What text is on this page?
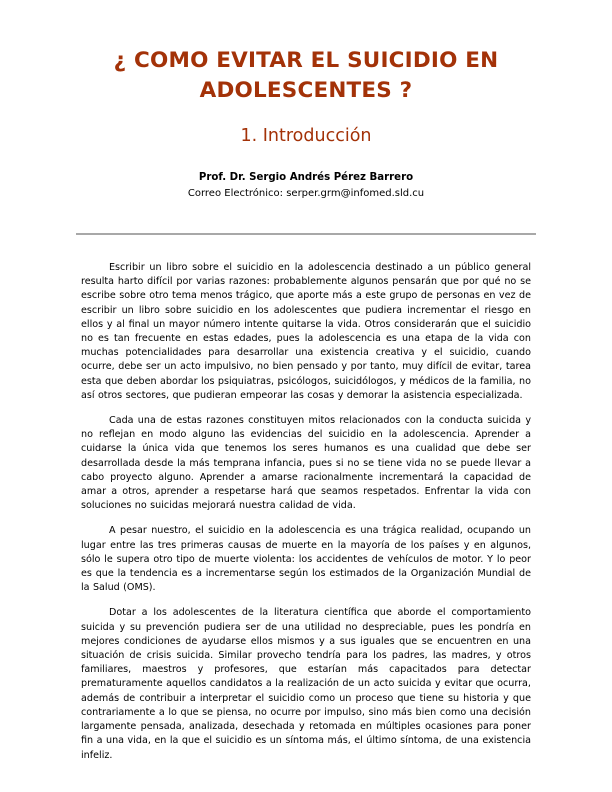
¿ COMO EVITAR EL SUICIDIO EN ADOLESCENTES ?
1. Introducción
Prof. Dr. Sergio Andrés Pérez Barrero
Correo Electrónico: serper.grm@infomed.sld.cu

Escribir un libro sobre el suicidio en la adolescencia destinado a un público general resulta harto difícil por varias razones: probablemente algunos pensarán que por qué no se escribe sobre otro tema menos trágico, que aporte más a este grupo de personas en vez de escribir un libro sobre suicidio en los adolescentes que pudiera incrementar el riesgo en ellos y al final un mayor número intente quitarse la vida. Otros considerarán que el suicidio no es tan frecuente en estas edades, pues la adolescencia es una etapa de la vida con muchas potencialidades para desarrollar una existencia creativa y el suicidio, cuando ocurre, debe ser un acto impulsivo, no bien pensado y por tanto, muy difícil de evitar, tarea esta que deben abordar los psiquiatras, psicólogos, suicidólogos, y médicos de la familia, no así otros sectores, que pudieran empeorar las cosas y demorar la asistencia especializada.

Cada una de estas razones constituyen mitos relacionados con la conducta suicida y no reflejan en modo alguno las evidencias del suicidio en la adolescencia. Aprender a cuidarse la única vida que tenemos los seres humanos es una cualidad que debe ser desarrollada desde la más temprana infancia, pues si no se tiene vida no se puede llevar a cabo proyecto alguno. Aprender a amarse racionalmente incrementará la capacidad de amar a otros, aprender a respetarse hará que seamos respetados. Enfrentar la vida con soluciones no suicidas mejorará nuestra calidad de vida.

A pesar nuestro, el suicidio en la adolescencia es una trágica realidad, ocupando un lugar entre las tres primeras causas de muerte en la mayoría de los países y en algunos, sólo le supera otro tipo de muerte violenta: los accidentes de vehículos de motor. Y lo peor es que la tendencia es a incrementarse según los estimados de la Organización Mundial de la Salud (OMS).

Dotar a los adolescentes de la literatura científica que aborde el comportamiento suicida y su prevención pudiera ser de una utilidad no despreciable, pues les pondría en mejores condiciones de ayudarse ellos mismos y a sus iguales que se encuentren en una situación de crisis suicida. Similar provecho tendría para los padres, las madres, y otros familiares, maestros y profesores, que estarían más capacitados para detectar prematuramente aquellos candidatos a la realización de un acto suicida y evitar que ocurra, además de contribuir a interpretar el suicidio como un proceso que tiene su historia y que contrariamente a lo que se piensa, no ocurre por impulso, sino más bien como una decisión largamente pensada, analizada, desechada y retomada en múltiples ocasiones para poner fin a una vida, en la que el suicidio es un síntoma más, el último síntoma, de una existencia infeliz.
